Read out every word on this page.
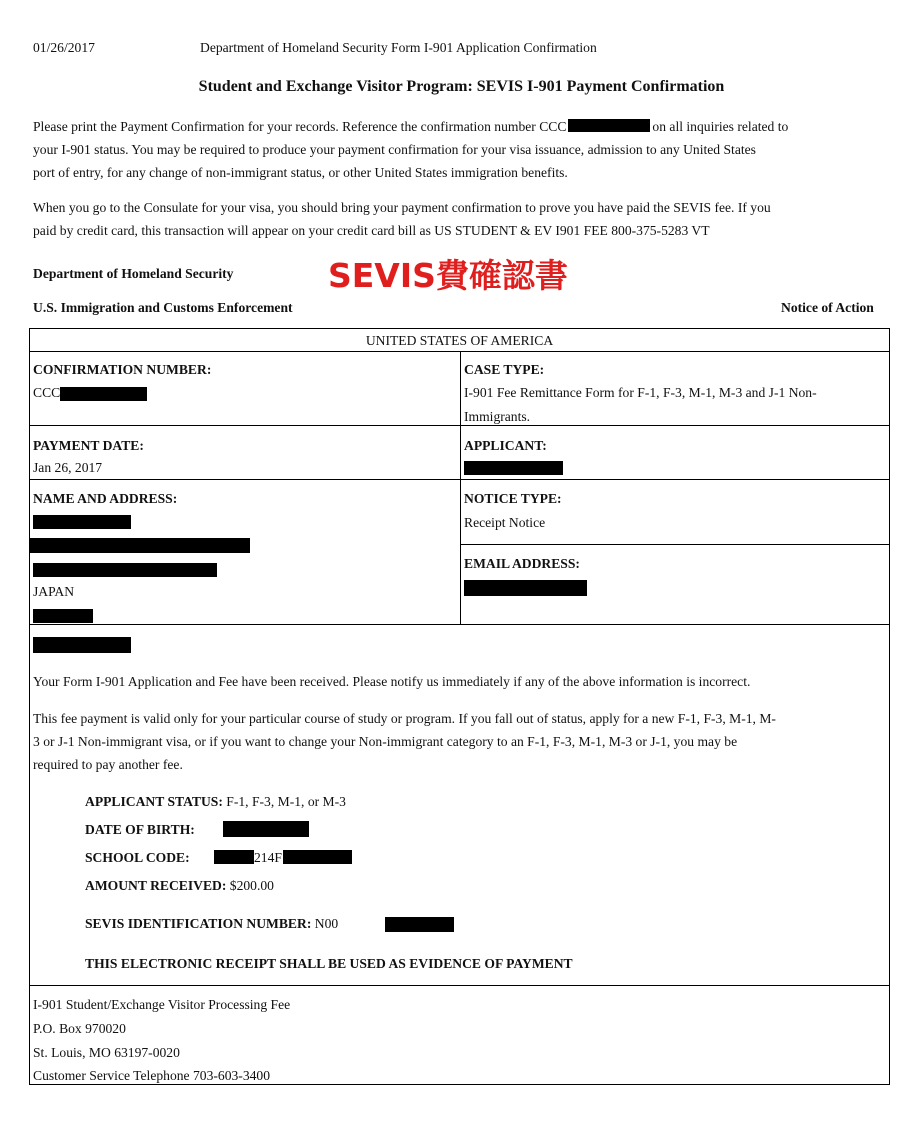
01/26/2017	Department of Homeland Security Form I-901 Application Confirmation
Student and Exchange Visitor Program: SEVIS I-901 Payment Confirmation
Please print the Payment Confirmation for your records. Reference the confirmation number CCC	on all inquiries related to
your I-901 status. You may be required to produce your payment confirmation for your visa issuance, admission to any United States
port of entry, for any change of non-immigrant status, or other United States immigration benefits.
When you go to the Consulate for your visa, you should bring your payment confirmation to prove you have paid the SEVIS fee. If you
paid by credit card, this transaction will appear on your credit card bill as US STUDENT & EV I901 FEE 800-375-5283 VT
Department of Homeland Security	SEVIS費確認書
U.S. Immigration and Customs Enforcement	Notice of Action
UNITED STATES OF AMERICA
CONFIRMATION NUMBER:
CCC
CASE TYPE:
I-901 Fee Remittance Form for F-1, F-3, M-1, M-3 and J-1 Non-
Immigrants.
PAYMENT DATE:
Jan 26, 2017
APPLICANT:
NAME AND ADDRESS:
JAPAN
NOTICE TYPE:
Receipt Notice
EMAIL ADDRESS:
Your Form I-901 Application and Fee have been received. Please notify us immediately if any of the above information is incorrect.
This fee payment is valid only for your particular course of study or program. If you fall out of status, apply for a new F-1, F-3, M-1, M-
3 or J-1 Non-immigrant visa, or if you want to change your Non-immigrant category to an F-1, F-3, M-1, M-3 or J-1, you may be
required to pay another fee.
APPLICANT STATUS: F-1, F-3, M-1, or M-3
DATE OF BIRTH:
SCHOOL CODE:	214F
AMOUNT RECEIVED: $200.00
SEVIS IDENTIFICATION NUMBER: N00
THIS ELECTRONIC RECEIPT SHALL BE USED AS EVIDENCE OF PAYMENT
I-901 Student/Exchange Visitor Processing Fee
P.O. Box 970020
St. Louis, MO 63197-0020
Customer Service Telephone 703-603-3400
